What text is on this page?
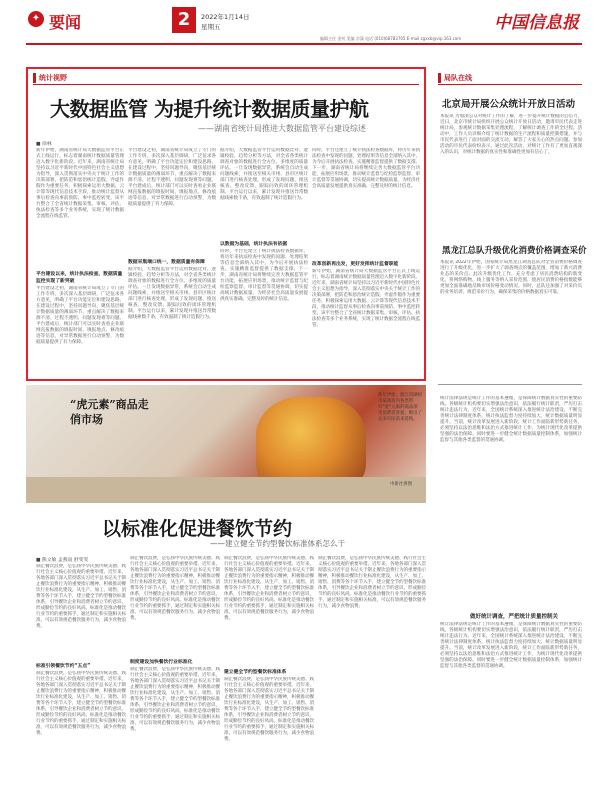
✦ 要闻	2	2022年1月14日
星期五	中国信息报
编辑主任 金钊 美编 佘潇 电话 (010)68783705 E-mail zgxxb@vip.163.com
统计视野
大数据监管 为提升统计数据质量护航
——湖南省统计局推进大数据监管平台建设综述
■ 徐林
新年伊始，湖南省统计局大数据监管平台正式上线运行，标志着湖南统计数据质量管理迈入数字化新阶段。近年来，湖南省统计局坚持以习近平新时代中国特色社会主义思想为指导，深入贯彻落实中央关于统计工作的决策部署，把防范和惩治统计造假、弄虚作假作为重要任务，积极探索运用大数据、云计算等现代信息技术手段，推动统计监督从事后检查向事前预防、事中监控转变。该平台整合了全省统计数据采集、审核、评估、执法检查等多个业务系统，实现了统计数据全流程在线监管。
平台建设以来，统计执法检查、数据质量监控实现了新突破
平台建设之初，湖南省统计局成立了专门的工作专班，多次深入基层调研，广泛征求各方意见，明确了平台功能定位和建设思路。在建设过程中，坚持问题导向，聚焦基层统计数据质量的薄弱环节，重点解决了数据来源不清、过程不透明、问题发现难等问题。平台建成后，统计部门可以实时查看企业联网直报数据的填报时间、填报地点、修改痕迹等信息，对异常数据进行自动预警，为数据质量提供了有力保障。
平台建设之初，湖南省统计局成立了专门的工作专班，多次深入基层调研，广泛征求各方意见，明确了平台功能定位和建设思路。在建设过程中，坚持问题导向，聚焦基层统计数据质量的薄弱环节，重点解决了数据来源不清、过程不透明、问题发现难等问题。平台建成后，统计部门可以实时查看企业联网直报数据的填报时间、填报地点、修改痕迹等信息，对异常数据进行自动预警，为数据质量提供了有力保障。
数据采集端口统一，数据质量有保障
据介绍，大数据监管平台运用数据比对、逻辑校验、趋势分析等方法，对全省各类统计调查对象的数据进行全方位、多维度的质量评估。一旦发现数据异常，系统会自动生成问题线索，并推送至相关市州、县市区统计部门进行核查处理，形成了发现问题、推送核查、整改反馈、跟踪问效的闭环管理机制。平台运行以来，累计发现并推送异常数据线索数千条，有效遏制了统计造假行为。
据介绍，大数据监管平台运用数据比对、逻辑校验、趋势分析等方法，对全省各类统计调查对象的数据进行全方位、多维度的质量评估。一旦发现数据异常，系统会自动生成问题线索，并推送至相关市州、县市区统计部门进行核查处理，形成了发现问题、推送核查、整改反馈、跟踪问效的闭环管理机制。平台运行以来，累计发现并推送异常数据线索数千条，有效遏制了统计造假行为。
以数据为基础，统计执法有依据
同时，平台还建立了统计执法检查数据库，将历年来执法检查中发现的问题、处理结果等信息全部纳入其中，为今后开展执法检查、实施精准监督提供了数据支撑。下一步，湖南省统计局将继续完善大数据监管平台功能，拓展应用场景，推动统计监督与纪检监察监督、审计监督等贯通协调，切实提高统计数据质量，为经济社会高质量发展提供真实准确、完整及时的统计信息。
同时，平台还建立了统计执法检查数据库，将历年来执法检查中发现的问题、处理结果等信息全部纳入其中，为今后开展执法检查、实施精准监督提供了数据支撑。下一步，湖南省统计局将继续完善大数据监管平台功能，拓展应用场景，推动统计监督与纪检监察监督、审计监督等贯通协调，切实提高统计数据质量，为经济社会高质量发展提供真实准确、完整及时的统计信息。
改革创新再出发，更好发挥统计监督职能
新年伊始，湖南省统计局大数据监管平台正式上线运行，标志着湖南统计数据质量管理迈入数字化新阶段。近年来，湖南省统计局坚持以习近平新时代中国特色社会主义思想为指导，深入贯彻落实中央关于统计工作的决策部署，把防范和惩治统计造假、弄虚作假作为重要任务，积极探索运用大数据、云计算等现代信息技术手段，推动统计监督从事后检查向事前预防、事中监控转变。该平台整合了全省统计数据采集、审核、评估、执法检查等多个业务系统，实现了统计数据全流程在线监管。
“虎元素”商品走俏市场
新年伊始，浙江省湖州市某商场内各类带有“虎”元素的商品深受消费者喜爱，吸引了众多市民前来选购。
中新社供图
以标准化促进餐饮节约
——建立健全节约型餐饮标准体系怎么干
■ 熊文敏 孟燕雨 舒雯雯
制止餐饮浪费，是弘扬中华民族传统美德、践行社会主义核心价值观的重要举措。近年来，各地各部门深入贯彻落实习近平总书记关于制止餐饮浪费行为的重要指示精神，积极推动餐饮行业标准化建设，从生产、加工、销售、消费等各个环节入手，建立健全节约型餐饮标准体系，引导餐饮企业和消费者树立节约意识，形成勤俭节约的良好风尚。标准化是推动餐饮行业节约的重要抓手，通过制定和实施相关标准，可以有效规范餐饮服务行为，减少食物浪费。
标准引领餐饮节约“五点”
制止餐饮浪费，是弘扬中华民族传统美德、践行社会主义核心价值观的重要举措。近年来，各地各部门深入贯彻落实习近平总书记关于制止餐饮浪费行为的重要指示精神，积极推动餐饮行业标准化建设，从生产、加工、销售、消费等各个环节入手，建立健全节约型餐饮标准体系，引导餐饮企业和消费者树立节约意识，形成勤俭节约的良好风尚。标准化是推动餐饮行业节约的重要抓手，通过制定和实施相关标准，可以有效规范餐饮服务行为，减少食物浪费。
制止餐饮浪费，是弘扬中华民族传统美德、践行社会主义核心价值观的重要举措。近年来，各地各部门深入贯彻落实习近平总书记关于制止餐饮浪费行为的重要指示精神，积极推动餐饮行业标准化建设，从生产、加工、销售、消费等各个环节入手，建立健全节约型餐饮标准体系，引导餐饮企业和消费者树立节约意识，形成勤俭节约的良好风尚。标准化是推动餐饮行业节约的重要抓手，通过制定和实施相关标准，可以有效规范餐饮服务行为，减少食物浪费。
制度建设加快餐饮行业标准化
制止餐饮浪费，是弘扬中华民族传统美德、践行社会主义核心价值观的重要举措。近年来，各地各部门深入贯彻落实习近平总书记关于制止餐饮浪费行为的重要指示精神，积极推动餐饮行业标准化建设，从生产、加工、销售、消费等各个环节入手，建立健全节约型餐饮标准体系，引导餐饮企业和消费者树立节约意识，形成勤俭节约的良好风尚。标准化是推动餐饮行业节约的重要抓手，通过制定和实施相关标准，可以有效规范餐饮服务行为，减少食物浪费。
制止餐饮浪费，是弘扬中华民族传统美德、践行社会主义核心价值观的重要举措。近年来，各地各部门深入贯彻落实习近平总书记关于制止餐饮浪费行为的重要指示精神，积极推动餐饮行业标准化建设，从生产、加工、销售、消费等各个环节入手，建立健全节约型餐饮标准体系，引导餐饮企业和消费者树立节约意识，形成勤俭节约的良好风尚。标准化是推动餐饮行业节约的重要抓手，通过制定和实施相关标准，可以有效规范餐饮服务行为，减少食物浪费。
建立健全节约型餐饮标准体系
制止餐饮浪费，是弘扬中华民族传统美德、践行社会主义核心价值观的重要举措。近年来，各地各部门深入贯彻落实习近平总书记关于制止餐饮浪费行为的重要指示精神，积极推动餐饮行业标准化建设，从生产、加工、销售、消费等各个环节入手，建立健全节约型餐饮标准体系，引导餐饮企业和消费者树立节约意识，形成勤俭节约的良好风尚。标准化是推动餐饮行业节约的重要抓手，通过制定和实施相关标准，可以有效规范餐饮服务行为，减少食物浪费。
制止餐饮浪费，是弘扬中华民族传统美德、践行社会主义核心价值观的重要举措。近年来，各地各部门深入贯彻落实习近平总书记关于制止餐饮浪费行为的重要指示精神，积极推动餐饮行业标准化建设，从生产、加工、销售、消费等各个环节入手，建立健全节约型餐饮标准体系，引导餐饮企业和消费者树立节约意识，形成勤俭节约的良好风尚。标准化是推动餐饮行业节约的重要抓手，通过制定和实施相关标准，可以有效规范餐饮服务行为，减少食物浪费。
局队在线
北京局开展公众统计开放日活动
本报讯 为加深公众对统计工作的了解，进一步提升统计数据的公信力，近日，北京市统计局组织开展公众统计开放日活动，邀请市民代表走进统计局，参观统计数据采集处理流程，了解统计调查工作的全过程。活动中，工作人员详细介绍了统计数据的生产流程和质量控制措施，并与市民代表进行了面对面的交流互动，解答了大家关心的热点问题。参加活动的市民代表纷纷表示，通过此次活动，对统计工作有了更加直观深入的认识，对统计数据的真实性和准确性更加有信心了。
黑龙江总队升级优化消费价格调查采价
本报讯 2022年伊始，国家统计局黑龙江调查总队对全省消费价格调查进行了升级优化，进一步扩大了调查网点的覆盖范围，增加了新兴消费业态的采价点。此次升级优化工作，充分考虑了居民消费结构的新变化，将网络购物、线上服务等纳入采价范围，使居民消费价格指数能够更加全面准确地反映市场价格变动情况。同时，总队还加强了对采价员的业务培训，规范采价行为，确保采集的价格数据真实可靠。
统计法律法规是统计工作的基本遵循，是保障统计数据真实性的重要防线。各级统计机构要切实增强法治意识，依法履行统计职责，严厉打击统计违法行为。近年来，全国统计系统深入推进统计法治建设，不断完善统计法律制度体系，统计执法监督力度持续加大，统计数据质量明显提升。当前，统计改革发展进入新阶段，统计工作面临新形势新任务，必须坚持以法治思维和法治方式推进统计工作，为统计现代化改革提供坚强的法治保障。同时要进一步健全统计数据质量控制体系，加强统计监督与其他各类监督的贯通协调。
做好统计调查，严把统计质量控制关
统计法律法规是统计工作的基本遵循，是保障统计数据真实性的重要防线。各级统计机构要切实增强法治意识，依法履行统计职责，严厉打击统计违法行为。近年来，全国统计系统深入推进统计法治建设，不断完善统计法律制度体系，统计执法监督力度持续加大，统计数据质量明显提升。当前，统计改革发展进入新阶段，统计工作面临新形势新任务，必须坚持以法治思维和法治方式推进统计工作，为统计现代化改革提供坚强的法治保障。同时要进一步健全统计数据质量控制体系，加强统计监督与其他各类监督的贯通协调。
